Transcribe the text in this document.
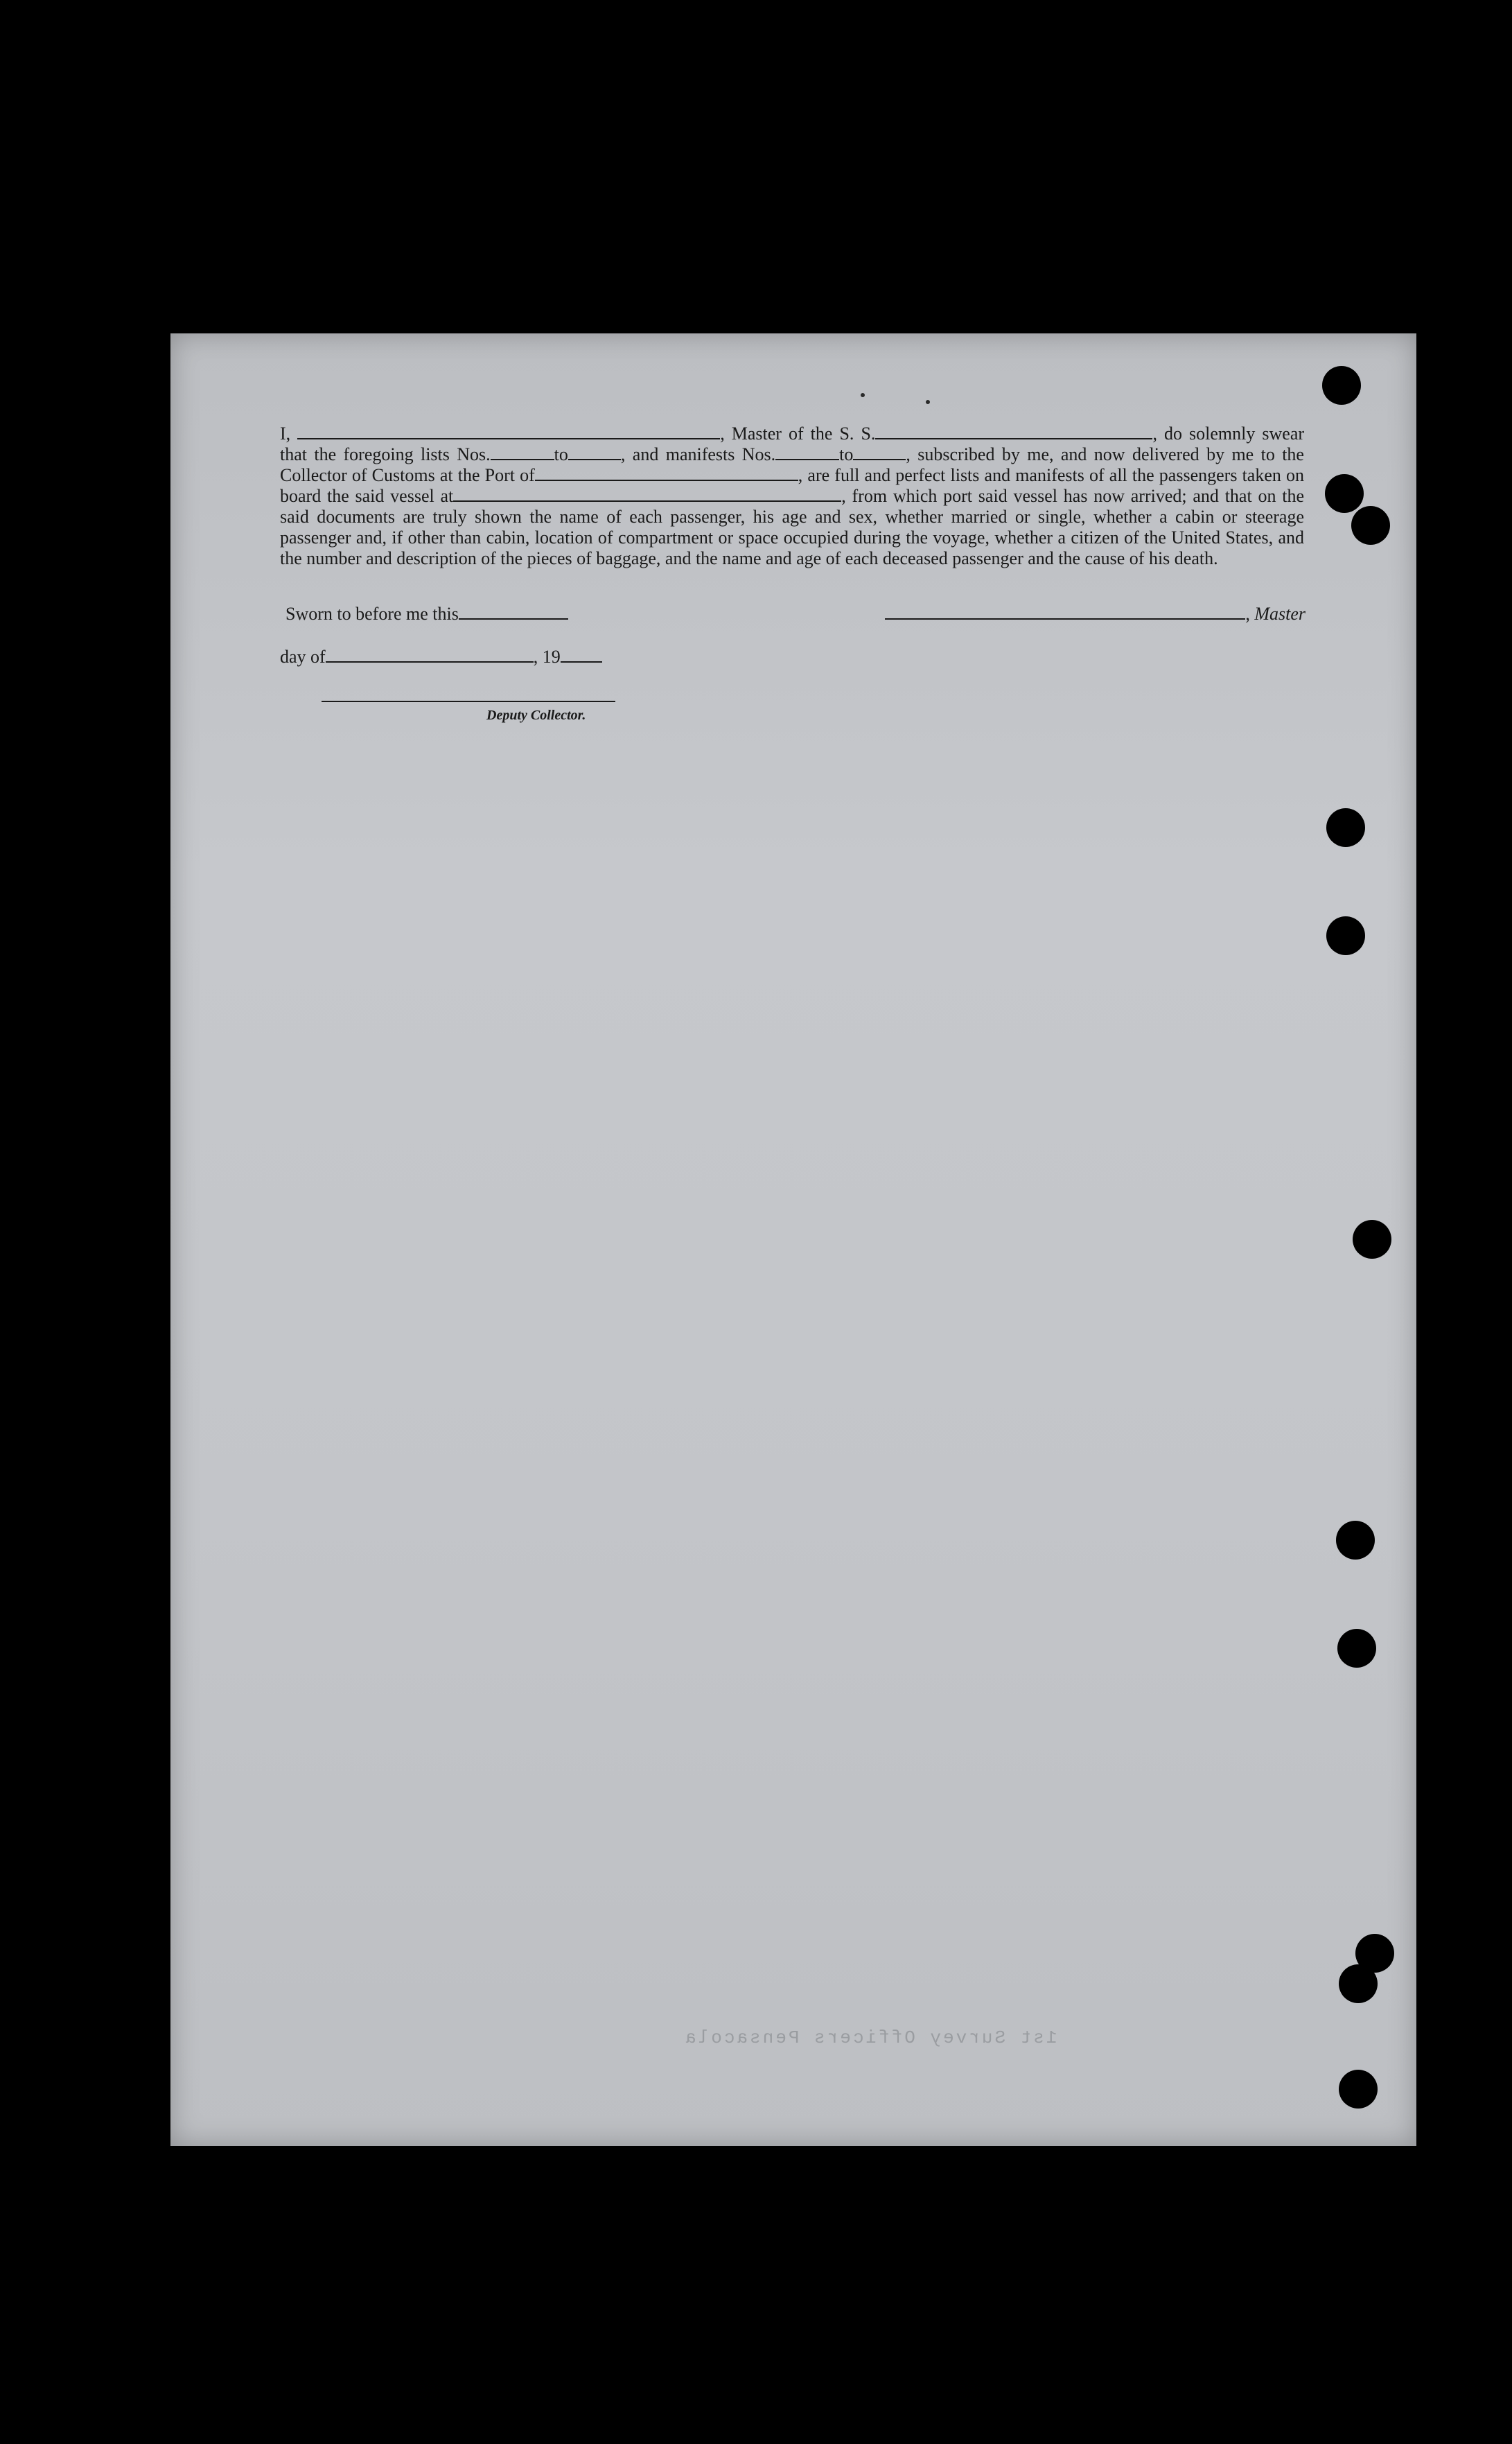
I,	, Master of the S. S.	, do solemnly swear that the foregoing lists Nos.	to	, and manifests Nos.	to	, subscribed by me, and now delivered by me to the Collector of Customs at the Port of	, are full and perfect lists and manifests of all the passengers taken on board the said vessel at	, from which port said vessel has now arrived; and that on the said documents are truly shown the name of each passenger, his age and sex, whether married or single, whether a cabin or steerage passenger and, if other than cabin, location of compartment or space occupied during the voyage, whether a citizen of the United States, and the number and description of the pieces of baggage, and the name and age of each deceased passenger and the cause of his death.

Sworn to before me this	, Master
day of	, 19
Deputy Collector.
1st Survey Officers Pensacola
